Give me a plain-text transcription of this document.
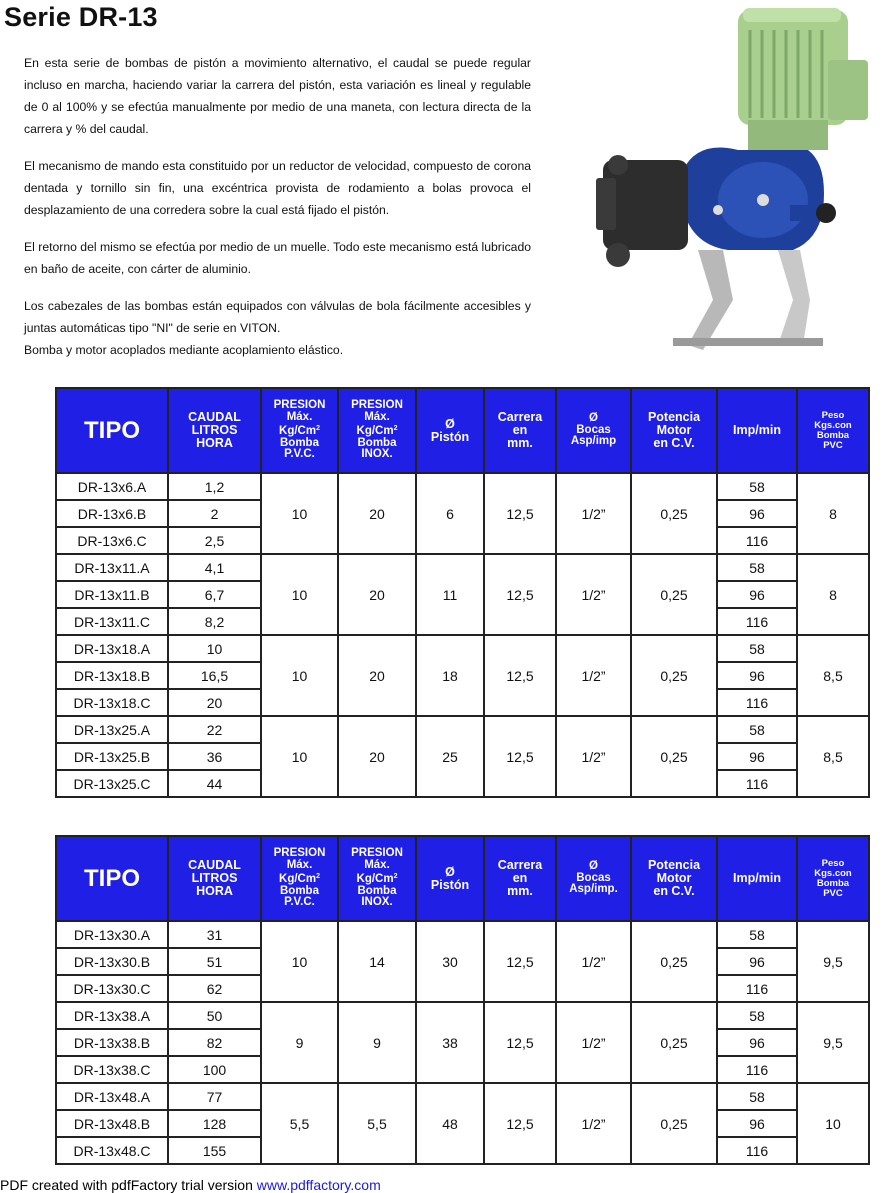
Serie DR-13

En esta serie de bombas de pistón a movimiento alternativo, el caudal se puede regular incluso en marcha, haciendo variar la carrera del pistón, esta variación es lineal y regulable de 0 al 100% y se efectúa manualmente por medio de una maneta, con lectura directa de la carrera y % del caudal.

El mecanismo de mando esta constituido por un reductor de velocidad, compuesto de corona dentada y tornillo sin fin, una excéntrica provista de rodamiento a bolas provoca el desplazamiento de una corredera sobre la cual está fijado el pistón.

El retorno del mismo se efectúa por medio de un muelle. Todo este mecanismo está lubricado en baño de aceite, con cárter de aluminio.

Los cabezales de las bombas están equipados con válvulas de bola fácilmente accesibles y juntas automáticas tipo "NI" de serie en VITON.

Bomba y motor acoplados mediante acoplamiento elástico.

TIPO	CAUDAL
LITROS
HORA	PRESION
Máx.
Kg/Cm$^2$
Bomba
P.V.C.	PRESION
Máx.
Kg/Cm$^2$
Bomba
INOX.	Ø
Pistón	Carrera
en
mm.	Ø
Bocas
Asp/imp	Potencia
Motor
en C.V.	Imp/min	Peso
Kgs.con
Bomba
PVC
DR-13x6.A	1,2	10	20	6	12,5	1/2”	0,25	58	8
DR-13x6.B	2							96	
DR-13x6.C	2,5							116	
DR-13x11.A	4,1	10	20	11	12,5	1/2”	0,25	58	8
DR-13x11.B	6,7							96	
DR-13x11.C	8,2							116	
DR-13x18.A	10	10	20	18	12,5	1/2”	0,25	58	8,5
DR-13x18.B	16,5							96	
DR-13x18.C	20							116	
DR-13x25.A	22	10	20	25	12,5	1/2”	0,25	58	8,5
DR-13x25.B	36							96	
DR-13x25.C	44							116	
TIPO	CAUDAL
LITROS
HORA	PRESION
Máx.
Kg/Cm$^2$
Bomba
P.V.C.	PRESION
Máx.
Kg/Cm$^2$
Bomba
INOX.	Ø
Pistón	Carrera
en
mm.	Ø
Bocas
Asp/imp.	Potencia
Motor
en C.V.	Imp/min	Peso
Kgs.con
Bomba
PVC
DR-13x30.A	31	10	14	30	12,5	1/2”	0,25	58	9,5
DR-13x30.B	51							96	
DR-13x30.C	62							116	
DR-13x38.A	50	9	9	38	12,5	1/2”	0,25	58	9,5
DR-13x38.B	82							96	
DR-13x38.C	100							116	
DR-13x48.A	77	5,5	5,5	48	12,5	1/2”	0,25	58	10
DR-13x48.B	128							96	
DR-13x48.C	155							116	
PDF created with pdfFactory trial version www.pdffactory.com
